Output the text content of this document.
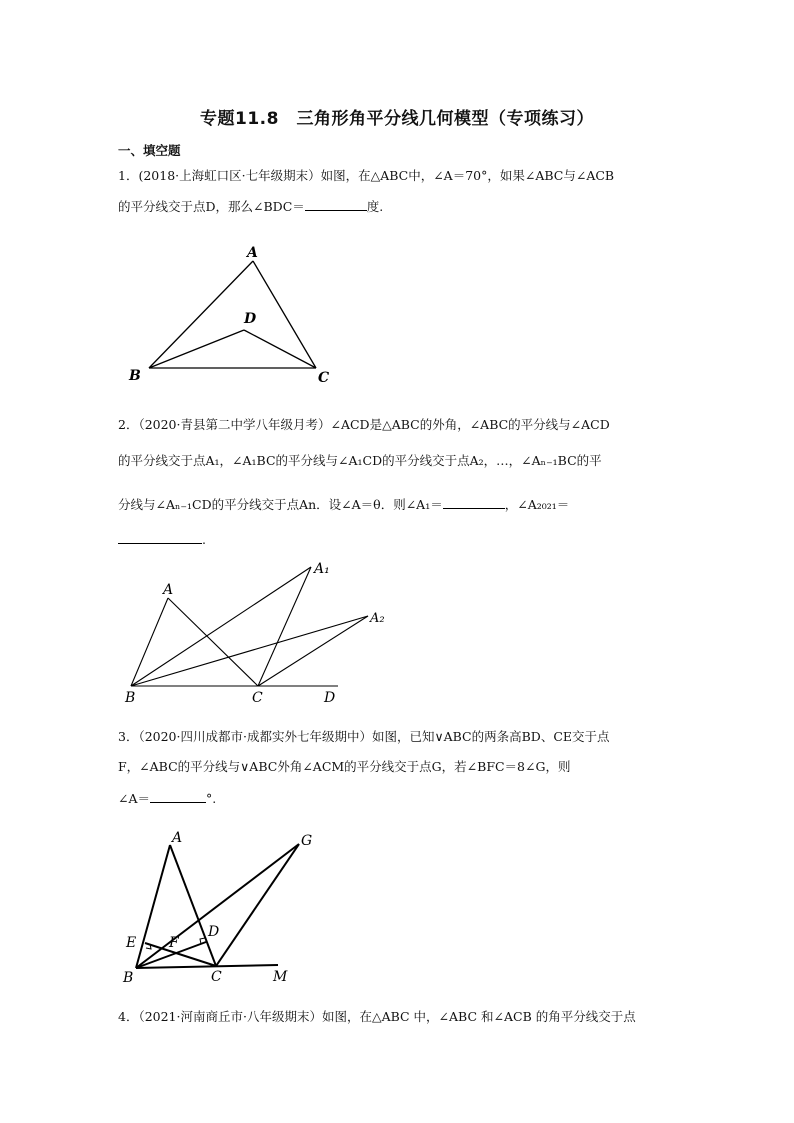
专题11.8　三角形角平分线几何模型（专项练习）
一、填空题
1．(2018·上海虹口区·七年级期末）如图，在△ABC中，∠A＝70°，如果∠ABC与∠ACB
的平分线交于点D，那么∠BDC＝	度.
A
B	C
D
2．（2020·青县第二中学八年级月考）∠ACD是△ABC的外角，∠ABC的平分线与∠ACD
的平分线交于点A₁，∠A₁BC的平分线与∠A₁CD的平分线交于点A₂，…，∠Aₙ₋₁BC的平
分线与∠Aₙ₋₁CD的平分线交于点An．设∠A＝θ．则∠A₁＝	，∠A₂₀₂₁＝
.
A
A₁
A₂
B	C	D
3．（2020·四川成都市·成都实外七年级期中）如图，已知∨ABC的两条高BD、CE交于点
F，∠ABC的平分线与∨ABC外角∠ACM的平分线交于点G，若∠BFC＝8∠G，则
∠A＝	°.
A	G
E F
D
B	C	M
4．（2021·河南商丘市·八年级期末）如图，在△ABC 中，∠ABC 和∠ACB 的角平分线交于点
